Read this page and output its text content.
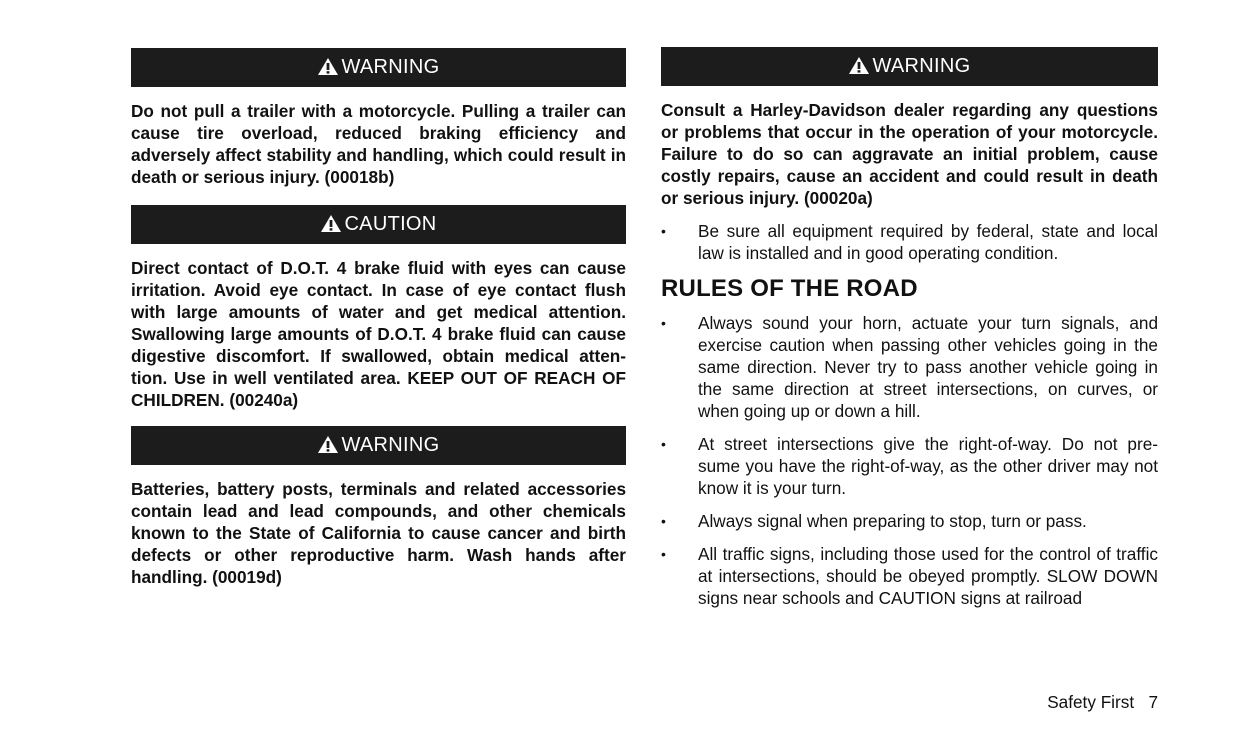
WARNING

Do not pull a trailer with a motorcycle. Pulling a trailer can cause tire overload, reduced braking efficiency and adversely affect stability and handling, which could result in death or serious injury. (00018b)

CAUTION

Direct contact of D.O.T. 4 brake fluid with eyes can cause irritation. Avoid eye contact. In case of eye contact flush with large amounts of water and get medical attention. Swallowing large amounts of D.O.T. 4 brake fluid can cause digestive discomfort. If swallowed, obtain medical atten-tion. Use in well ventilated area. KEEP OUT OF REACH OF CHILDREN. (00240a)

WARNING

Batteries, battery posts, terminals and related accessories contain lead and lead compounds, and other chemicals known to the State of California to cause cancer and birth defects or other reproductive harm. Wash hands after handling. (00019d)

WARNING

Consult a Harley-Davidson dealer regarding any questions or problems that occur in the operation of your motorcycle. Failure to do so can aggravate an initial problem, cause costly repairs, cause an accident and could result in death or serious injury. (00020a)

• Be sure all equipment required by federal, state and local law is installed and in good operating condition.
RULES OF THE ROAD
• Always sound your horn, actuate your turn signals, and exercise caution when passing other vehicles going in the same direction. Never try to pass another vehicle going in the same direction at street intersections, on curves, or when going up or down a hill.
• At street intersections give the right-of-way. Do not pre-sume you have the right-of-way, as the other driver may not know it is your turn.
• Always signal when preparing to stop, turn or pass.
• All traffic signs, including those used for the control of traffic at intersections, should be obeyed promptly. SLOW DOWN signs near schools and CAUTION signs at railroad
Safety First 7
